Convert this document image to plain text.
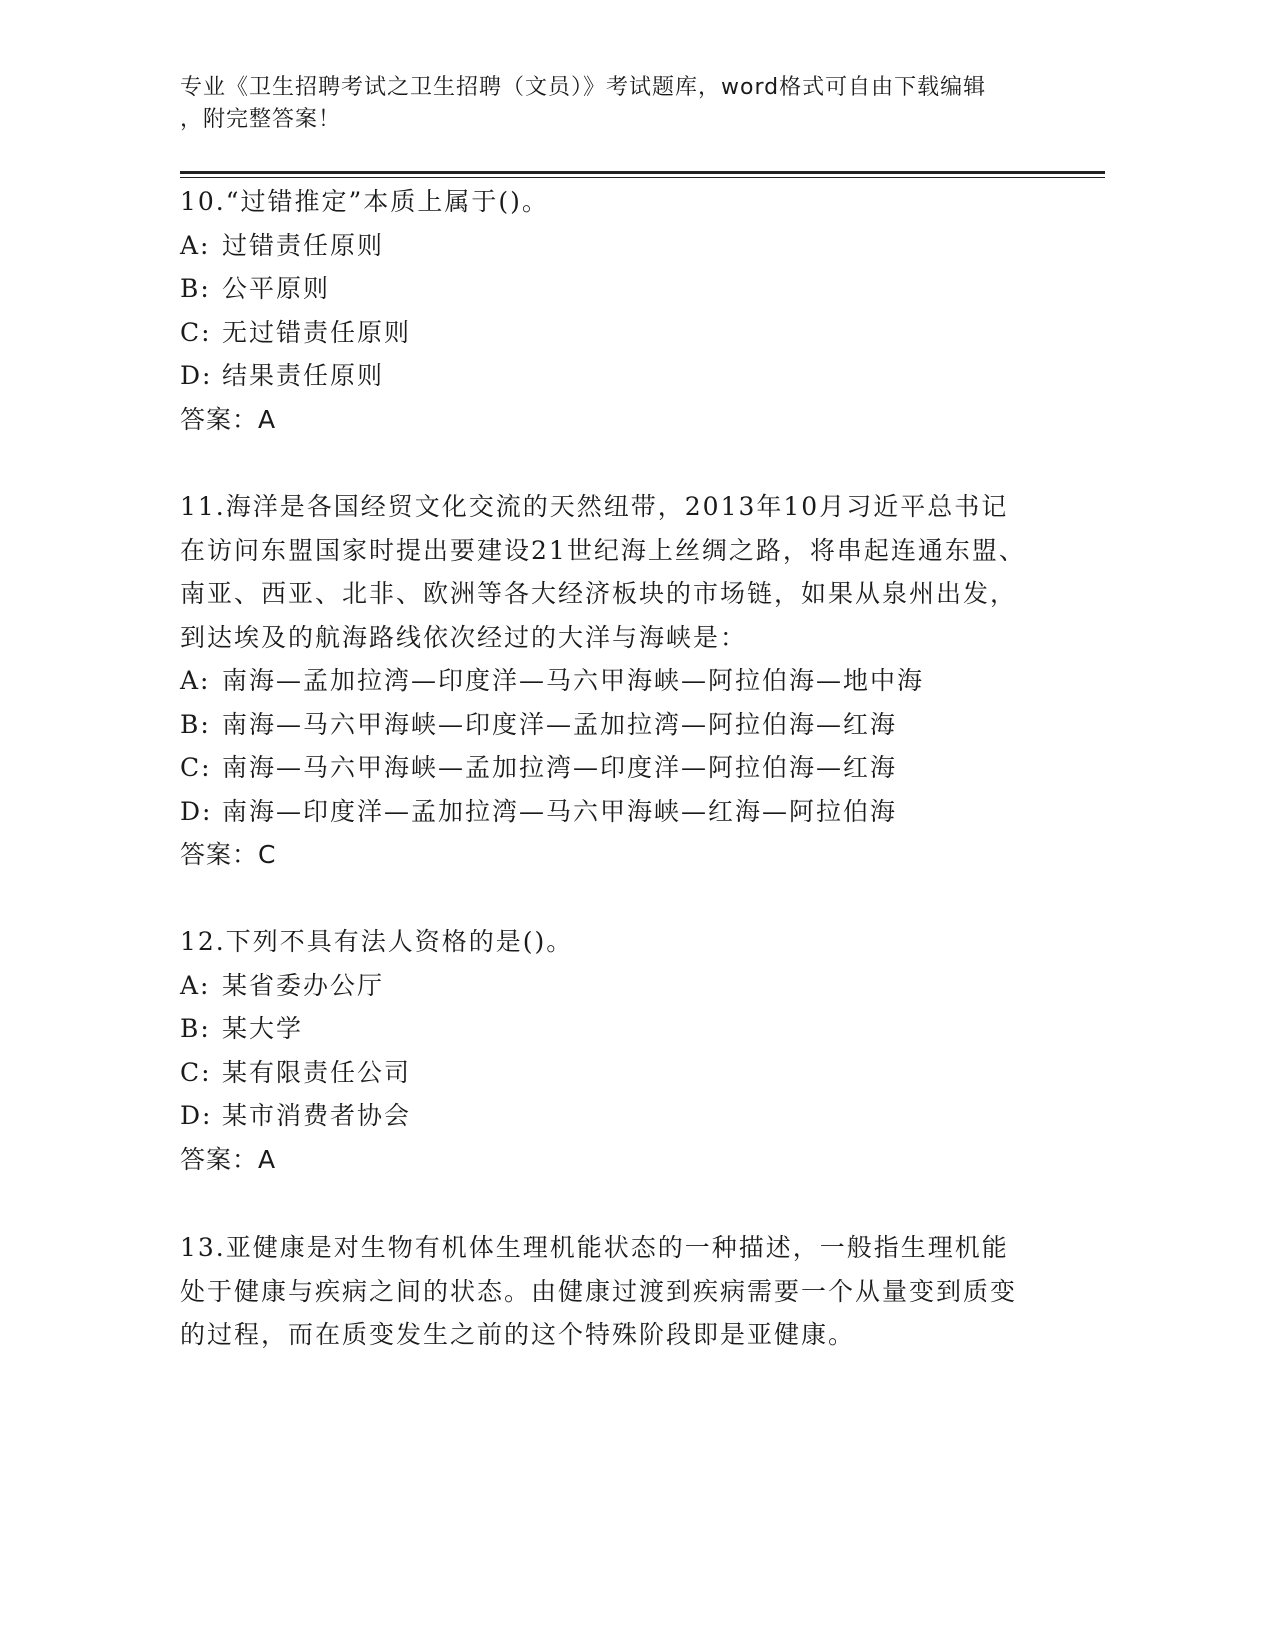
专业《卫生招聘考试之卫生招聘（文员）》考试题库，word格式可自由下载编辑
，附完整答案！

10.“过错推定”本质上属于()。

A: 过错责任原则

B: 公平原则

C: 无过错责任原则

D: 结果责任原则

答案：A

11.海洋是各国经贸文化交流的天然纽带，2013年10月习近平总书记在访问东盟国家时提出要建设21世纪海上丝绸之路，将串起连通东盟、南亚、西亚、北非、欧洲等各大经济板块的市场链，如果从泉州出发，到达埃及的航海路线依次经过的大洋与海峡是：

A: 南海—孟加拉湾—印度洋—马六甲海峡—阿拉伯海—地中海

B: 南海—马六甲海峡—印度洋—孟加拉湾—阿拉伯海—红海

C: 南海—马六甲海峡—孟加拉湾—印度洋—阿拉伯海—红海

D: 南海—印度洋—孟加拉湾—马六甲海峡—红海—阿拉伯海

答案：C

12.下列不具有法人资格的是()。

A: 某省委办公厅

B: 某大学

C: 某有限责任公司

D: 某市消费者协会

答案：A

13.亚健康是对生物有机体生理机能状态的一种描述，一般指生理机能处于健康与疾病之间的状态。由健康过渡到疾病需要一个从量变到质变的过程，而在质变发生之前的这个特殊阶段即是亚健康。
